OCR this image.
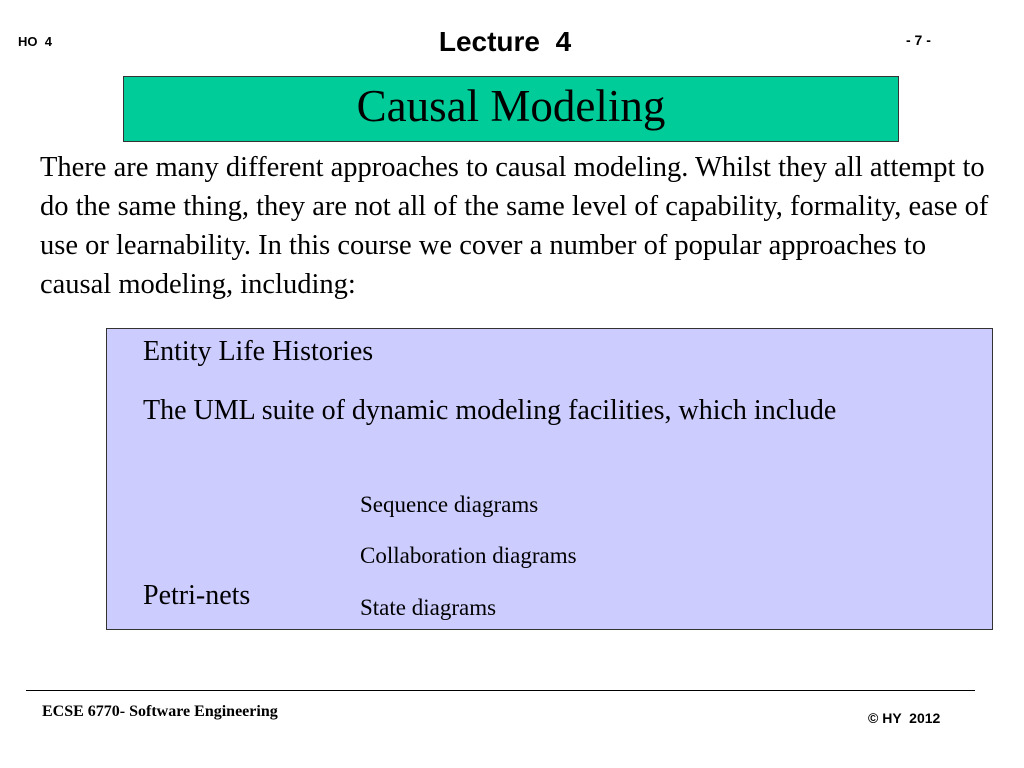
HO  4	Lecture  4	- 7 -
Causal Modeling
There are many different approaches to causal modeling. Whilst they all attempt to do the same thing, they are not all of the same level of capability, formality, ease of use or learnability. In this course we cover a number of popular approaches to causal modeling, including:
Entity Life Histories
The UML suite of dynamic modeling facilities, which include
Sequence diagrams
Collaboration diagrams
Petri-nets	State diagrams
ECSE 6770- Software Engineering	© HY  2012
